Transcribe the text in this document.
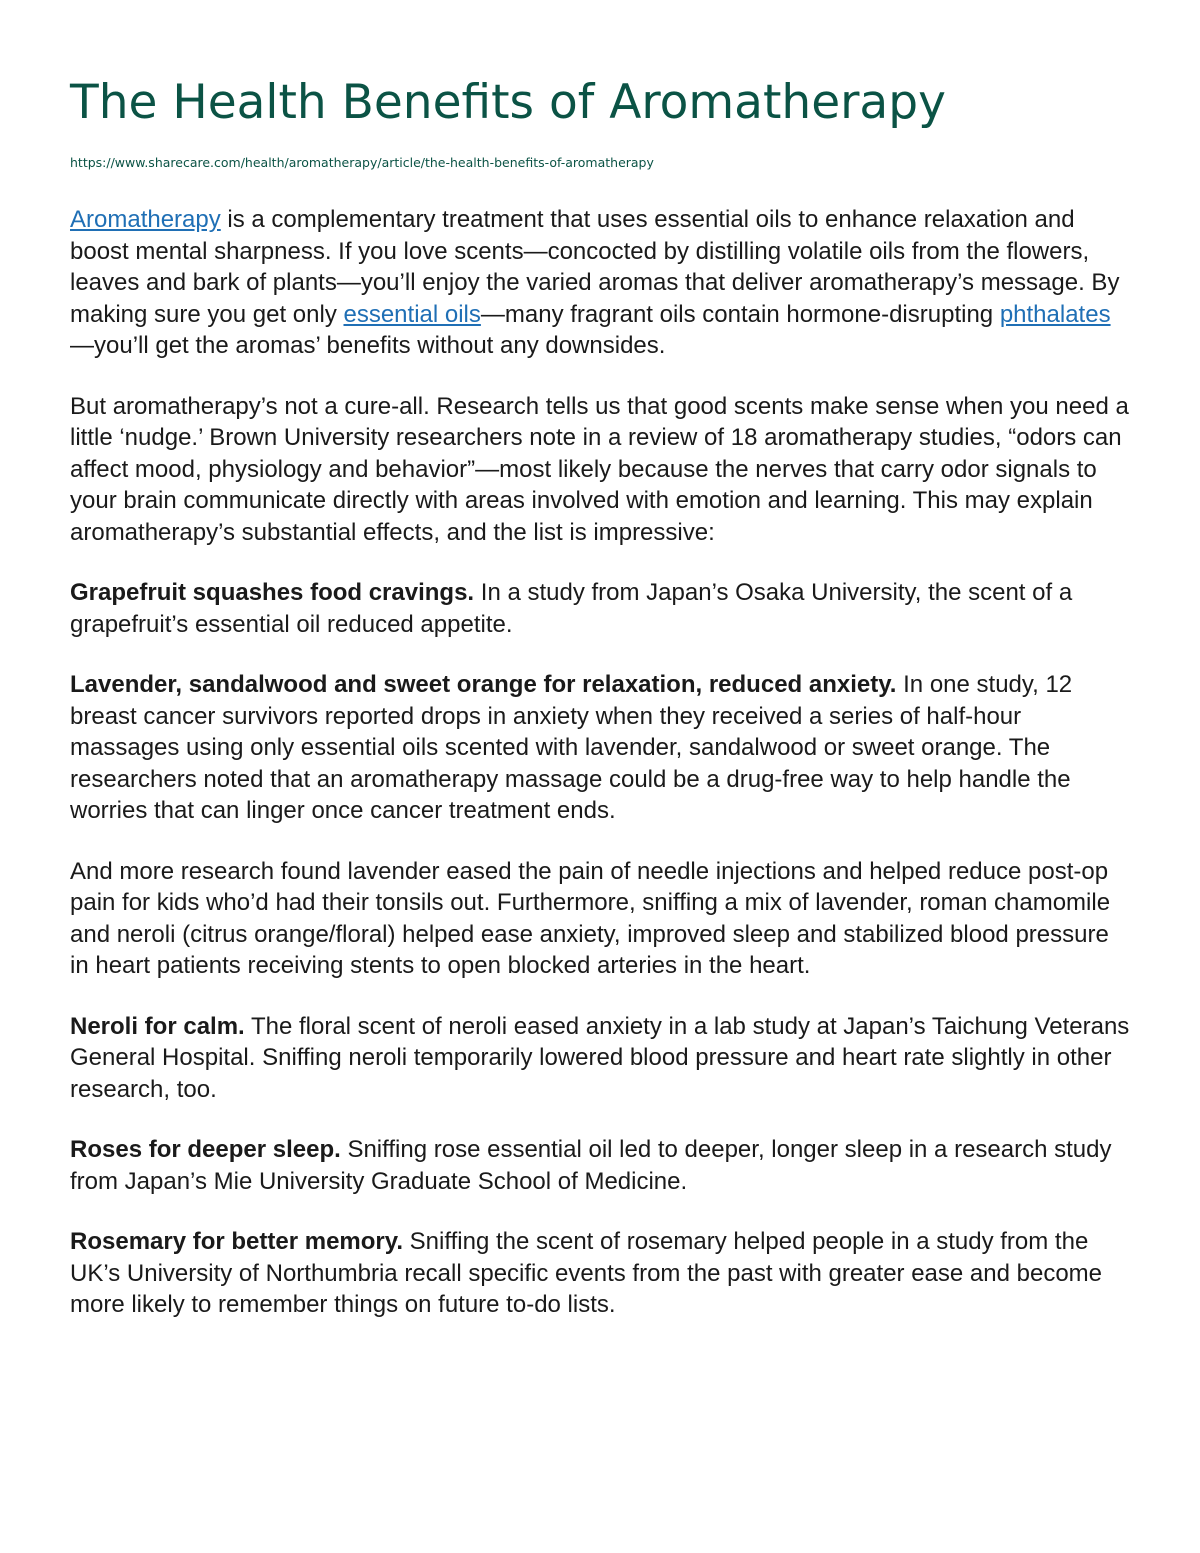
The Health Benefits of Aromatherapy
https://www.sharecare.com/health/aromatherapy/article/the-health-benefits-of-aromatherapy

Aromatherapy is a complementary treatment that uses essential oils to enhance relaxation and boost mental sharpness. If you love scents—concocted by distilling volatile oils from the flowers, leaves and bark of plants—you’ll enjoy the varied aromas that deliver aromatherapy’s message. By making sure you get only essential oils—many fragrant oils contain hormone-disrupting phthalates—you’ll get the aromas’ benefits without any downsides.

But aromatherapy’s not a cure-all. Research tells us that good scents make sense when you need a little ‘nudge.’ Brown University researchers note in a review of 18 aromatherapy studies, “odors can affect mood, physiology and behavior”—most likely because the nerves that carry odor signals to your brain communicate directly with areas involved with emotion and learning. This may explain aromatherapy’s substantial effects, and the list is impressive:

Grapefruit squashes food cravings. In a study from Japan’s Osaka University, the scent of a grapefruit’s essential oil reduced appetite.

Lavender, sandalwood and sweet orange for relaxation, reduced anxiety. In one study, 12 breast cancer survivors reported drops in anxiety when they received a series of half-hour massages using only essential oils scented with lavender, sandalwood or sweet orange. The researchers noted that an aromatherapy massage could be a drug-free way to help handle the worries that can linger once cancer treatment ends.

And more research found lavender eased the pain of needle injections and helped reduce post-op pain for kids who’d had their tonsils out. Furthermore, sniffing a mix of lavender, roman chamomile and neroli (citrus orange/floral) helped ease anxiety, improved sleep and stabilized blood pressure in heart patients receiving stents to open blocked arteries in the heart.

Neroli for calm. The floral scent of neroli eased anxiety in a lab study at Japan’s Taichung Veterans General Hospital. Sniffing neroli temporarily lowered blood pressure and heart rate slightly in other research, too.

Roses for deeper sleep. Sniffing rose essential oil led to deeper, longer sleep in a research study from Japan’s Mie University Graduate School of Medicine.

Rosemary for better memory. Sniffing the scent of rosemary helped people in a study from the UK’s University of Northumbria recall specific events from the past with greater ease and become more likely to remember things on future to-do lists.
